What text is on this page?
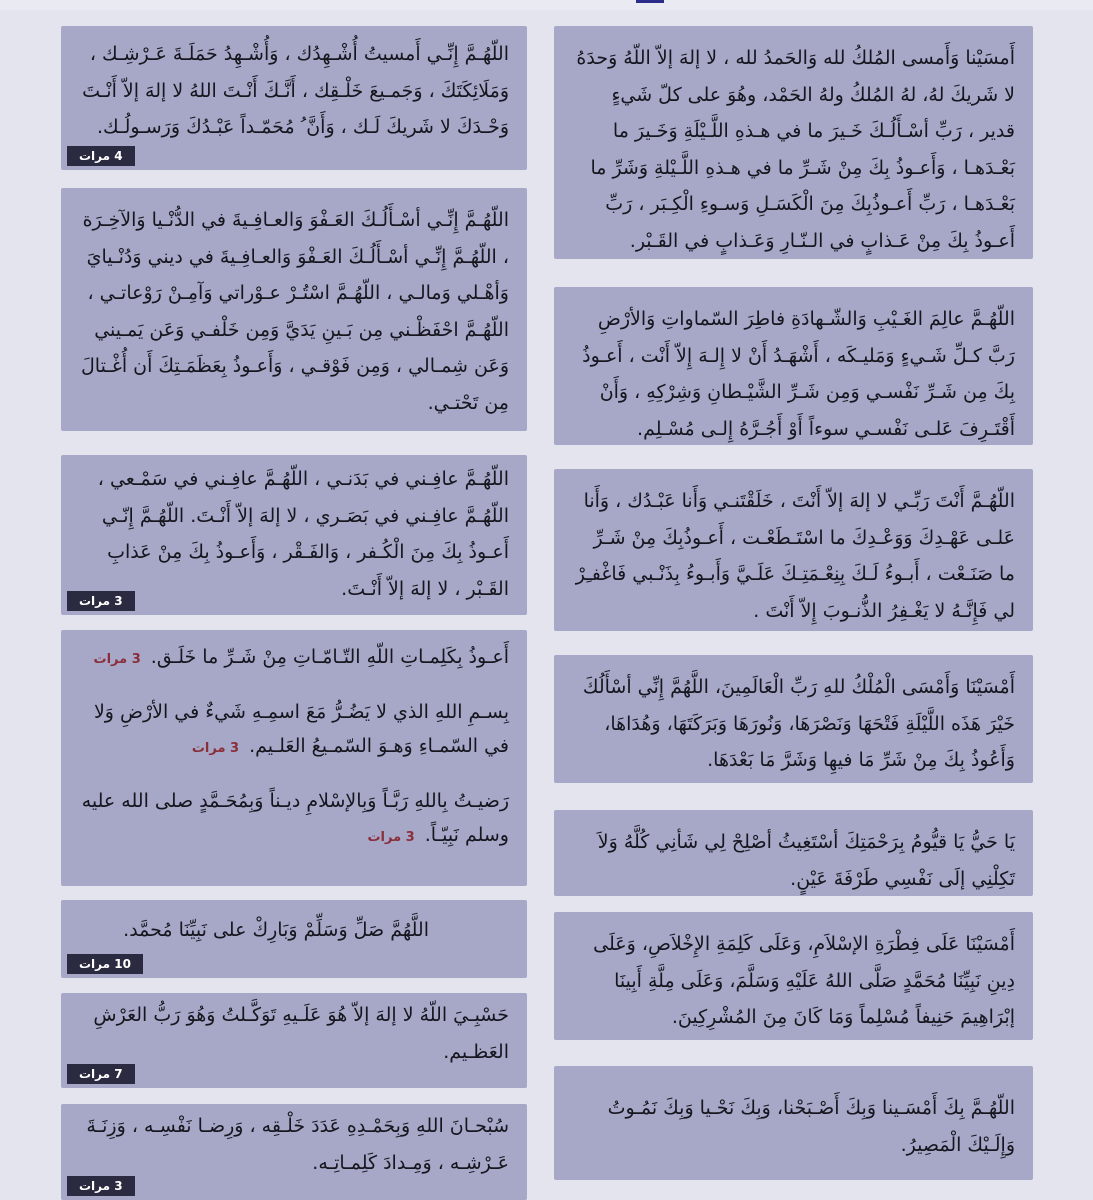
أَمسَيْنا وَأَمسى المُلكُ لله وَالحَمدُ لله ، لا إلهَ إلاّ اللّهُ وَحدَهُ لا شَريكَ لهُ، لهُ المُلكُ ولهُ الحَمْد، وهُوَ على كلّ شَيءٍ قدير ، رَبِّ أسْـأَلُـكَ خَـيرَ ما في هـذهِ اللَّـيْلَةِ وَخَـيرَ ما بَعْـدَهـا ، وَأَعـوذُ بِكَ مِنْ شَـرِّ ما في هـذهِ اللَّـيْلةِ وَشَرِّ ما بَعْـدَهـا ، رَبِّ أَعـوذُبِكَ مِنَ الْكَسَـلِ وَسـوءِ الْكِـبَر ، رَبِّ أَعـوذُ بِكَ مِنْ عَـذابٍ في الـنّـارِ وَعَـذابٍ في القَـبْر.

اللّهُـمَّ عالِمَ الغَـيْبِ وَالشّـهادَةِ فاطِرَ السّماواتِ وَالأرْضِ رَبَّ كـلِّ شَـيءٍ وَمَليـكَه ، أَشْهَـدُ أَنْ لا إِلـهَ إِلاّ أَنْت ، أَعـوذُ بِكَ مِن شَـرِّ نَفْسـي وَمِن شَـرِّ الشَّيْـطانِ وَشِرْكِهِ ، وَأَنْ أَقْتَـرِفَ عَلـى نَفْسـي سوءاً أَوْ أَجُـرَّهُ إِلـى مُسْـلِم.

اللّهُـمَّ أَنْتَ رَبِّـي لا إلهَ إلاّ أَنْتَ ، خَلَقْتَنـي وَأَنا عَبْـدُك ، وَأَنا عَلـى عَهْـدِكَ وَوَعْـدِكَ ما اسْتَـطَعْـت ، أَعـوذُبِكَ مِنْ شَـرِّ ما صَنَـعْت ، أَبـوءُ لَـكَ بِنِعْـمَتِـكَ عَلَـيَّ وَأَبـوءُ بِذَنْـبي فَاغْفـِرْ لي فَإِنَّـهُ لا يَغْـفِرُ الذُّنـوبَ إِلاّ أَنْتَ .

أَمْسَيْنَا وَأَمْسَى الْمُلْكُ للهِ رَبِّ الْعَالَمِينَ، اللَّهُمَّ إِنِّي أسْأَلُكَ خَيْرَ هَذَه اللَّيْلَةِ فَتْحَهَا وَنَصْرَهَا، وَنُورَهَا وَبَرَكَتَهَا، وَهُدَاهَا، وَأَعُوذُ بِكَ مِنْ شَرِّ مَا فيهِا وَشَرَّ مَا بَعْدَهَا.

يَا حَيُّ يَا قيُّومُ بِرَحْمَتِكَ أسْتَغِيثُ أصْلِحْ لِي شَأنِي كُلَّهُ وَلاَ تَكِلْنِي إلَى نَفْسِي طَرْفَةَ عَيْنٍ.

أَمْسَيْنَا عَلَى فِطْرَةِ الإسْلاَمِ، وَعَلَى كَلِمَةِ الإِخْلاَصِ، وَعَلَى دِينِ نَبِيِّنَا مُحَمَّدٍ صَلَّى اللهُ عَلَيْهِ وَسَلَّمَ، وَعَلَى مِلَّةِ أَبِينَا إبْرَاهِيمَ حَنِيفاً مُسْلِماً وَمَا كَانَ مِنَ المُشْرِكِينَ.

اللّهُـمَّ بِكَ أَمْسَـينا وَبِكَ أَصْـبَحْنا، وَبِكَ نَحْـيا وَبِكَ نَمُـوتُ وَإِلَـيْكَ الْمَصِيرُ.

اللّهُـمَّ إِنِّـي أَمسيتُ أُشْـهِدُك ، وَأُشْـهِدُ حَمَلَـةَ عَـرْشِـك ، وَمَلَائِكَتَكَ ، وَجَمـيعَ خَلْـقِك ، أَنَّـكَ أَنْـتَ اللهُ لا إلهَ إلاّ أَنْـتَ وَحْـدَكَ لا شَريكَ لَـك ، وَأَنَّ ُ مُحَمّـداً عَبْـدُكَ وَرَسـولُـك.

4 مرات

اللّهُـمَّ إِنِّـي أسْـأَلُـكَ العَـفْوَ وَالعـافِـيةَ في الدُّنْـيا وَالآخِـرَة ، اللّهُـمَّ إِنِّـي أسْـأَلُـكَ العَـفْوَ وَالعـافِـيةَ في ديني وَدُنْـيايَ وَأهْـلي وَمالـي ، اللّهُـمَّ اسْتُـرْ عـوْراتي وَآمِـنْ رَوْعاتـي ، اللّهُـمَّ احْفَظْـني مِن بَـينِ يَدَيَّ وَمِن خَلْفـي وَعَن يَمـيني وَعَن شِمـالي ، وَمِن فَوْقـي ، وَأَعـوذُ بِعَظَمَـتِكَ أَن أُغْـتالَ مِن تَحْتـي.

اللّهُـمَّ عافِـني في بَدَنـي ، اللّهُـمَّ عافِـني في سَمْـعي ، اللّهُـمَّ عافِـني في بَصَـري ، لا إلهَ إلاّ أَنْـتَ. اللّهُـمَّ إِنّـي أَعـوذُ بِكَ مِنَ الْكُـفر ، وَالفَـقْر ، وَأَعـوذُ بِكَ مِنْ عَذابِ القَـبْر ، لا إلهَ إلاّ أَنْـتَ.

3 مرات
أَعـوذُ بِكَلِمـاتِ اللّهِ التّـامّـاتِ مِنْ شَـرِّ ما خَلَـق. 3 مرات
بِسـمِ اللهِ الذي لا يَضُـرُّ مَعَ اسمِـهِ شَيءٌ في الأرْضِ وَلا في السّمـاءِ وَهـوَ السّمـيعُ العَلـيم. 3 مرات
رَضيـتُ بِاللهِ رَبَّـاً وَبِالإسْلامِ ديـناً وَبِمُحَـمَّدٍ صلى الله عليه وسلم نَبِيّـاً. 3 مرات

اللَّهُمَّ صَلِّ وَسَلِّمْ وَبَارِكْ على نَبِيِّنَا مُحمَّد.

10 مرات

حَسْبِـيَ اللّهُ لا إلهَ إلاّ هُوَ عَلَـيهِ تَوَكَّـلتُ وَهُوَ رَبُّ العَرْشِ العَظـيم.

7 مرات

سُبْحـانَ اللهِ وَبِحَمْـدِهِ عَدَدَ خَلْـقِه ، وَرِضـا نَفْسِـه ، وَزِنَـةَ عَـرْشِـه ، وَمِـدادَ كَلِمـاتِـه.

3 مرات
